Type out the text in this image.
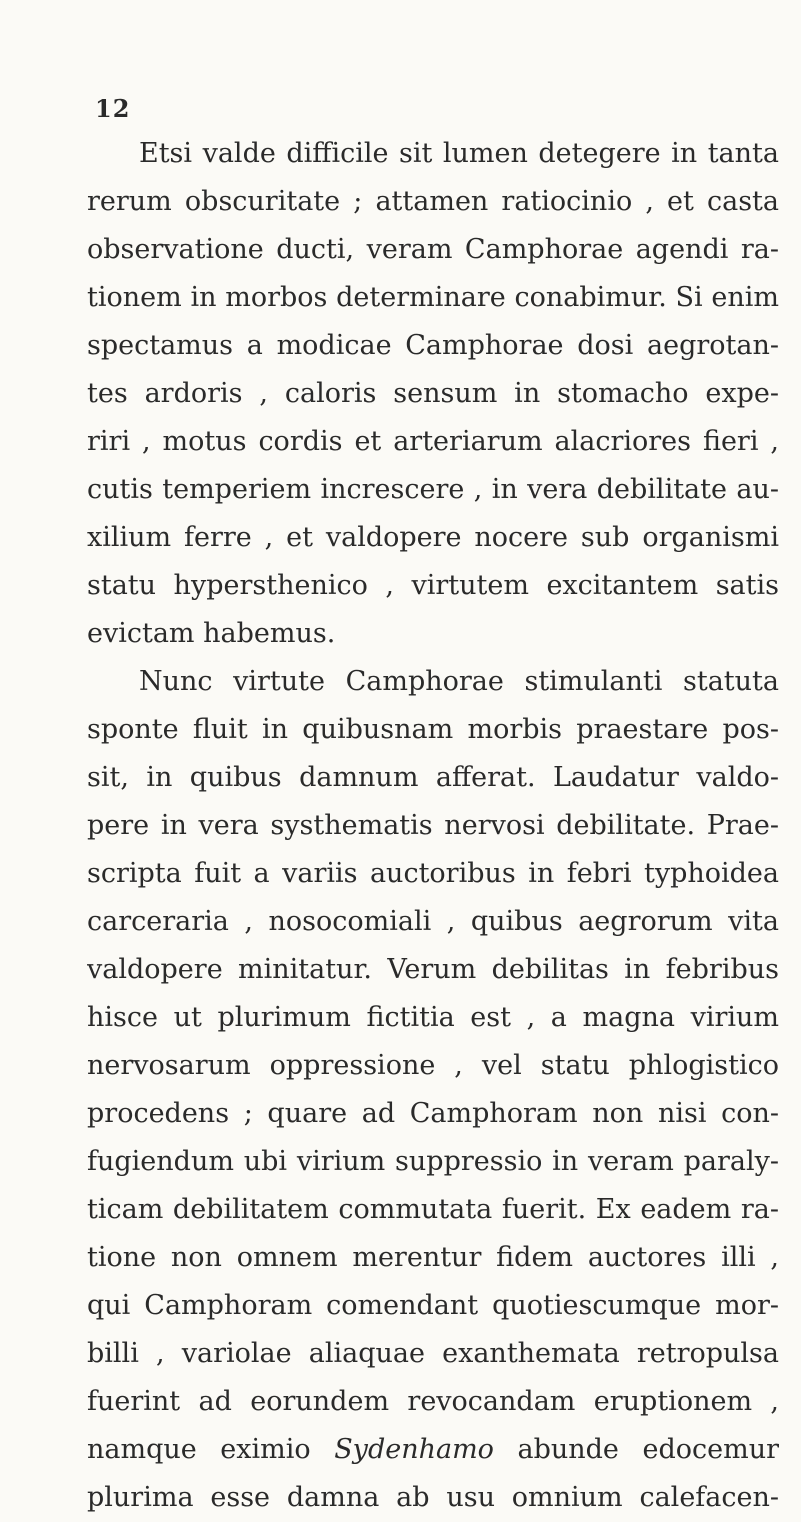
12
Etsi valde difficile sit lumen detegere in tanta
rerum obscuritate ; attamen ratiocinio , et casta
observatione ducti, veram Camphorae agendi ra-
tionem in morbos determinare conabimur. Si enim
spectamus a modicae Camphorae dosi aegrotan-
tes ardoris , caloris sensum in stomacho expe-
riri , motus cordis et arteriarum alacriores fieri ,
cutis temperiem increscere , in vera debilitate au-
xilium ferre , et valdopere nocere sub organismi
statu hypersthenico , virtutem excitantem satis
evictam habemus.
Nunc virtute Camphorae stimulanti statuta
sponte fluit in quibusnam morbis praestare pos-
sit, in quibus damnum afferat. Laudatur valdo-
pere in vera systhematis nervosi debilitate. Prae-
scripta fuit a variis auctoribus in febri typhoidea
carceraria , nosocomiali , quibus aegrorum vita
valdopere minitatur. Verum debilitas in febribus
hisce ut plurimum fictitia est , a magna virium
nervosarum oppressione , vel statu phlogistico
procedens ; quare ad Camphoram non nisi con-
fugiendum ubi virium suppressio in veram paraly-
ticam debilitatem commutata fuerit. Ex eadem ra-
tione non omnem merentur fidem auctores illi ,
qui Camphoram comendant quotiescumque mor-
billi , variolae aliaquae exanthemata retropulsa
fuerint ad eorundem revocandam eruptionem ,
namque eximio Sydenhamo abunde edocemur
plurima esse damna ab usu omnium calefacen-
